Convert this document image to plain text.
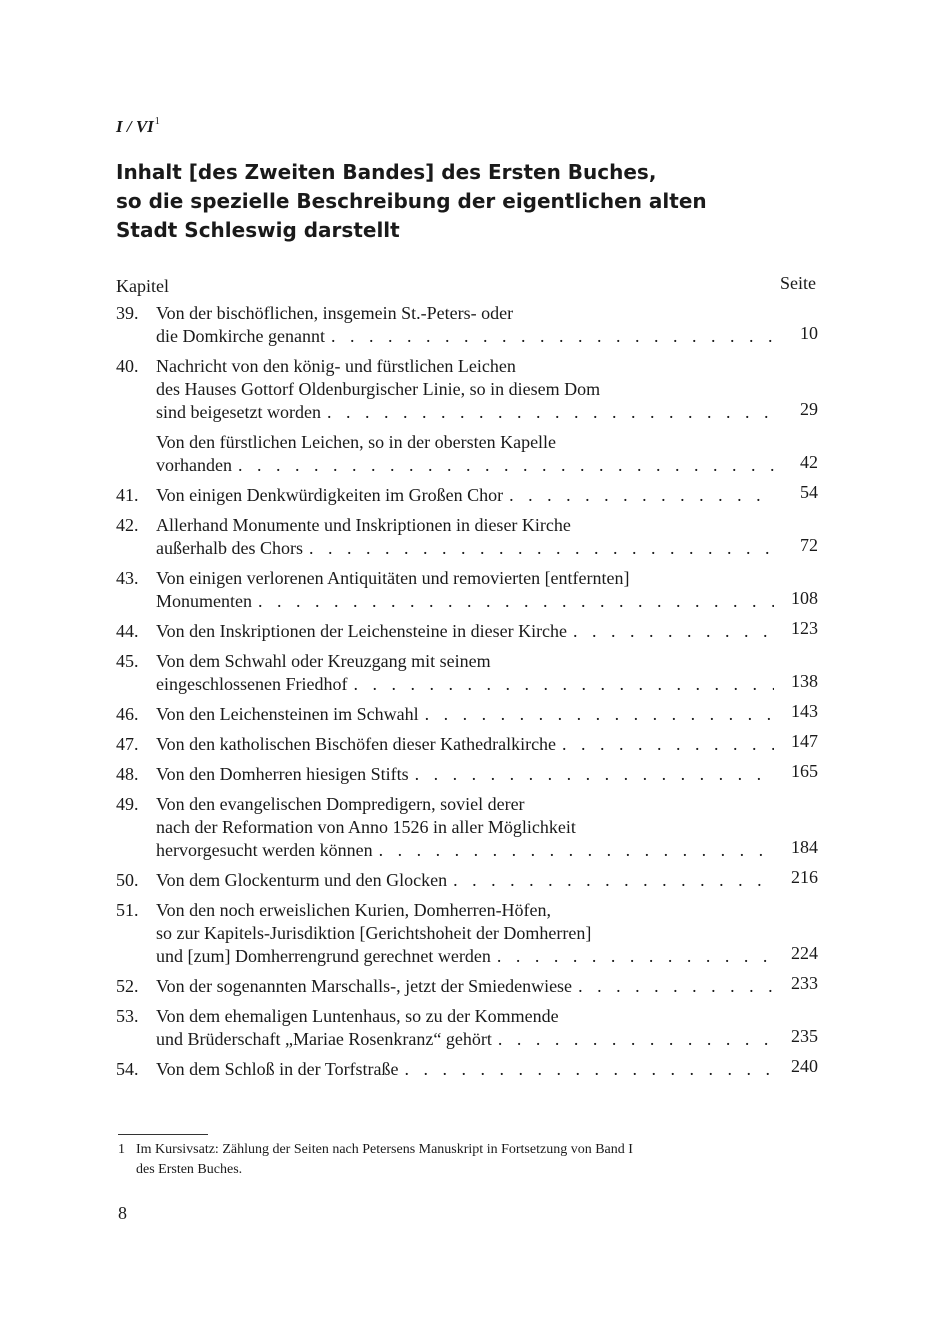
I / $VI^1$
Inhalt [des Zweiten Bandes] des Ersten Buches,
so die spezielle Beschreibung der eigentlichen alten
Stadt Schleswig darstellt
Kapitel	Seite
39. Von der bischöflichen, insgemein St.-Peters- oder
die Domkirche genannt . . .	10
40. Nachricht von den könig- und fürstlichen Leichen
des Hauses Gottorf Oldenburgischer Linie, so in diesem Dom
sind beigesetzt worden . . .	29
Von den fürstlichen Leichen, so in der obersten Kapelle
vorhanden . . .	42
41. Von einigen Denkwürdigkeiten im Großen Chor . . .	54
42. Allerhand Monumente und Inskriptionen in dieser Kirche
außerhalb des Chors . . .	72
43. Von einigen verlorenen Antiquitäten und removierten [entfernten]
Monumenten . . .	108
44. Von den Inskriptionen der Leichensteine in dieser Kirche . . .	123
45. Von dem Schwahl oder Kreuzgang mit seinem
eingeschlossenen Friedhof . . .	138
46. Von den Leichensteinen im Schwahl . . .	143
47. Von den katholischen Bischöfen dieser Kathedralkirche . . .	147
48. Von den Domherren hiesigen Stifts . . .	165
49. Von den evangelischen Dompredigern, soviel derer
nach der Reformation von Anno 1526 in aller Möglichkeit
hervorgesucht werden können . . .	184
50. Von dem Glockenturm und den Glocken . . .	216
51. Von den noch erweislichen Kurien, Domherren-Höfen,
so zur Kapitels-Jurisdiktion [Gerichtshoheit der Domherren]
und [zum] Domherrengrund gerechnet werden . . .	224
52. Von der sogenannten Marschalls-, jetzt der Smiedenwiese . . .	233
53. Von dem ehemaligen Luntenhaus, so zu der Kommende
und Brüderschaft „Mariae Rosenkranz“ gehört . . .	235
54. Von dem Schloß in der Torfstraße . . .	240
1 Im Kursivsatz: Zählung der Seiten nach Petersens Manuskript in Fortsetzung von Band I
des Ersten Buches.
8
